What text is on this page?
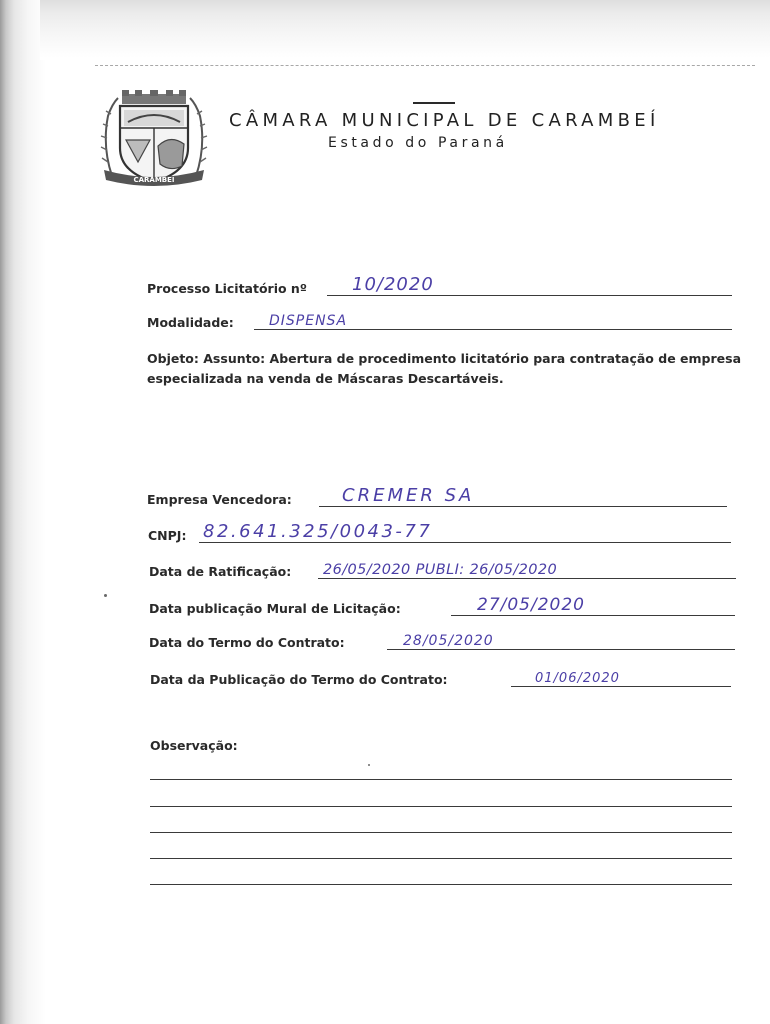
CARAMBEÍ
CÂMARA MUNICIPAL DE CARAMBEÍ
Estado do Paraná
Processo Licitatório nº	10/2020
Modalidade:	DISPENSA
Objeto: Assunto: Abertura de procedimento licitatório para contratação de empresa especializada na venda de Máscaras Descartáveis.
Empresa Vencedora:	CREMER SA
CNPJ: 82.641.325/0043-77
Data de Ratificação: 26/05/2020 PUBLI: 26/05/2020
Data publicação Mural de Licitação:	27/05/2020
Data do Termo do Contrato:	28/05/2020
Data da Publicação do Termo do Contrato:	01/06/2020
Observação:
